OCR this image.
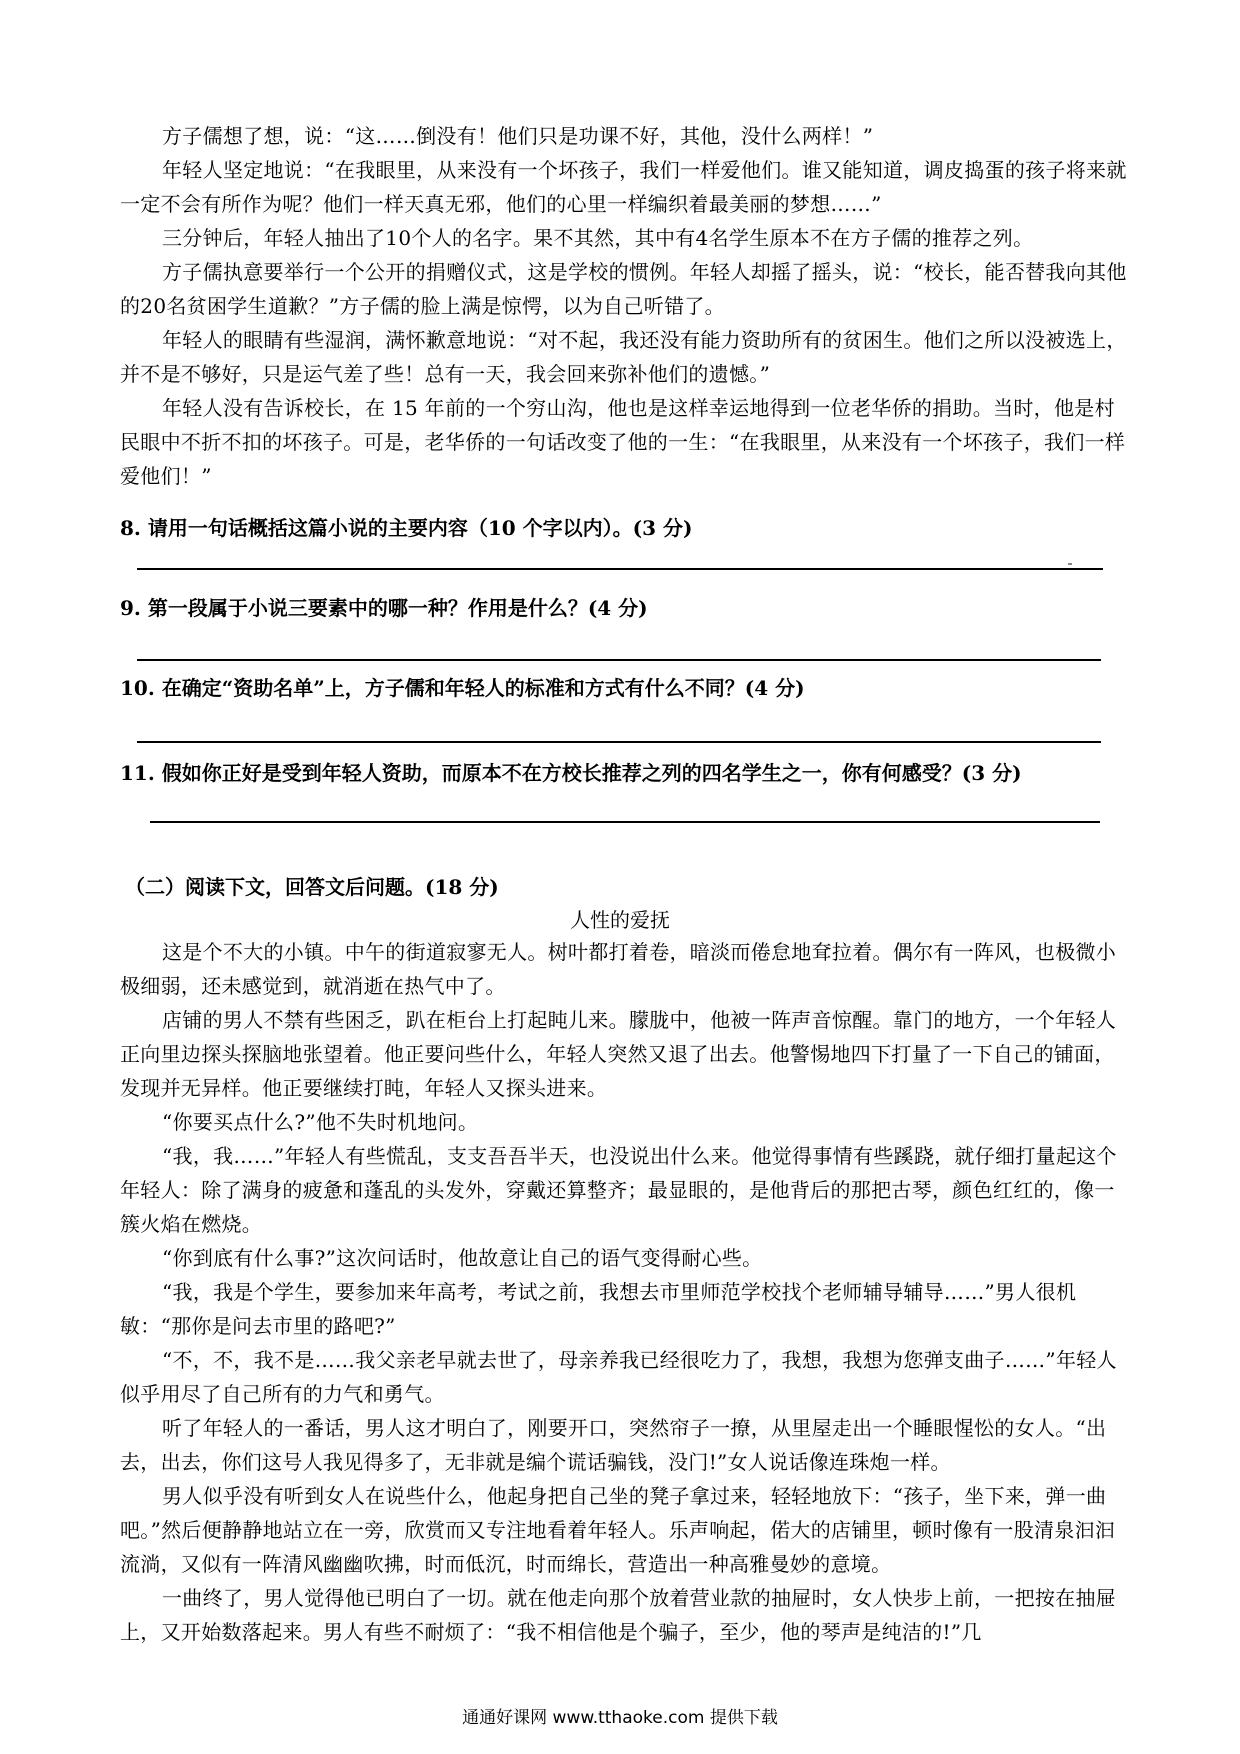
方子儒想了想，说：“这……倒没有！他们只是功课不好，其他，没什么两样！”

年轻人坚定地说：“在我眼里，从来没有一个坏孩子，我们一样爱他们。谁又能知道，调皮捣蛋的孩子将来就一定不会有所作为呢？他们一样天真无邪，他们的心里一样编织着最美丽的梦想……”

三分钟后，年轻人抽出了10个人的名字。果不其然，其中有4名学生原本不在方子儒的推荐之列。

方子儒执意要举行一个公开的捐赠仪式，这是学校的惯例。年轻人却摇了摇头，说：“校长，能否替我向其他的20名贫困学生道歉？”方子儒的脸上满是惊愕，以为自己听错了。

年轻人的眼睛有些湿润，满怀歉意地说：“对不起，我还没有能力资助所有的贫困生。他们之所以没被选上，并不是不够好，只是运气差了些！总有一天，我会回来弥补他们的遗憾。”

年轻人没有告诉校长，在 15 年前的一个穷山沟，他也是这样幸运地得到一位老华侨的捐助。当时，他是村民眼中不折不扣的坏孩子。可是，老华侨的一句话改变了他的一生：“在我眼里，从来没有一个坏孩子，我们一样爱他们！”

8. 请用一句话概括这篇小说的主要内容（10 个字以内）。(3 分)

9. 第一段属于小说三要素中的哪一种？作用是什么？(4 分)

10. 在确定“资助名单”上，方子儒和年轻人的标准和方式有什么不同？(4 分)

11. 假如你正好是受到年轻人资助，而原本不在方校长推荐之列的四名学生之一，你有何感受？(3 分)

（二）阅读下文，回答文后问题。(18 分)

人性的爱抚

这是个不大的小镇。中午的街道寂寥无人。树叶都打着卷，暗淡而倦怠地耷拉着。偶尔有一阵风，也极微小极细弱，还未感觉到，就消逝在热气中了。

店铺的男人不禁有些困乏，趴在柜台上打起盹儿来。朦胧中，他被一阵声音惊醒。靠门的地方，一个年轻人正向里边探头探脑地张望着。他正要问些什么，年轻人突然又退了出去。他警惕地四下打量了一下自己的铺面，发现并无异样。他正要继续打盹，年轻人又探头进来。

“你要买点什么?”他不失时机地问。

“我，我……”年轻人有些慌乱，支支吾吾半天，也没说出什么来。他觉得事情有些蹊跷，就仔细打量起这个年轻人：除了满身的疲惫和蓬乱的头发外，穿戴还算整齐；最显眼的，是他背后的那把古琴，颜色红红的，像一簇火焰在燃烧。

“你到底有什么事?”这次问话时，他故意让自己的语气变得耐心些。

“我，我是个学生，要参加来年高考，考试之前，我想去市里师范学校找个老师辅导辅导……”男人很机敏：“那你是问去市里的路吧?”

“不，不，我不是……我父亲老早就去世了，母亲养我已经很吃力了，我想，我想为您弹支曲子……”年轻人似乎用尽了自己所有的力气和勇气。

听了年轻人的一番话，男人这才明白了，刚要开口，突然帘子一撩，从里屋走出一个睡眼惺忪的女人。“出去，出去，你们这号人我见得多了，无非就是编个谎话骗钱，没门!”女人说话像连珠炮一样。

男人似乎没有听到女人在说些什么，他起身把自己坐的凳子拿过来，轻轻地放下：“孩子，坐下来，弹一曲吧。”然后便静静地站立在一旁，欣赏而又专注地看着年轻人。乐声响起，偌大的店铺里，顿时像有一股清泉汩汩流淌，又似有一阵清风幽幽吹拂，时而低沉，时而绵长，营造出一种高雅曼妙的意境。

一曲终了，男人觉得他已明白了一切。就在他走向那个放着营业款的抽屉时，女人快步上前，一把按在抽屉上，又开始数落起来。男人有些不耐烦了：“我不相信他是个骗子，至少，他的琴声是纯洁的!”几

通通好课网 www.tthaoke.com 提供下载
